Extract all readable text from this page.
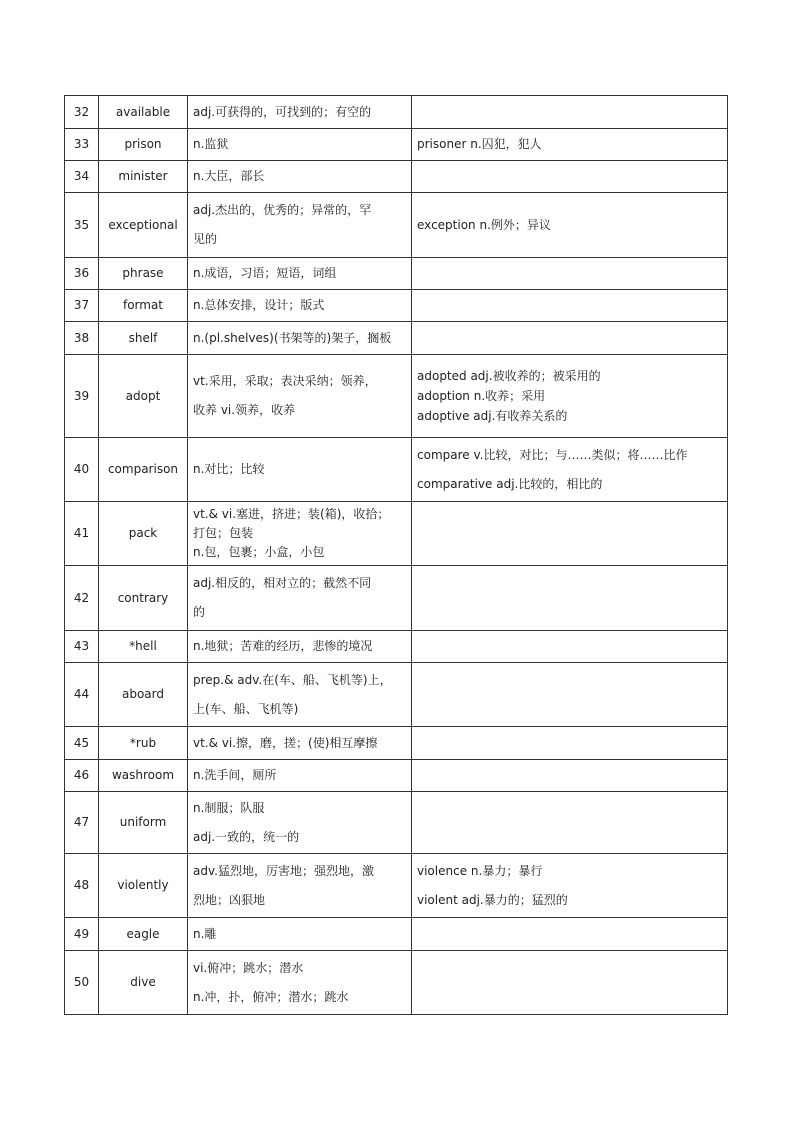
32	available	adj.可获得的，可找到的；有空的	

33	prison	n.监狱	prisoner n.囚犯，犯人

34	minister	n.大臣，部长	

35	exceptional	adj.杰出的，优秀的；异常的，罕
见的	exception n.例外；异议

36	phrase	n.成语，习语；短语，词组	

37	format	n.总体安排，设计；版式	

38	shelf	n.(pl.shelves)(书架等的)架子，搁板	

39	adopt	vt.采用，采取；表决采纳；领养，
收养 vi.领养，收养	adopted adj.被收养的；被采用的
adoption n.收养；采用
adoptive adj.有收养关系的

40	comparison	n.对比；比较	compare v.比较，对比；与……类似；将……比作
comparative adj.比较的，相比的

41	pack	vt.& vi.塞进，挤进；装(箱)，收拾；
打包；包装
n.包，包裹；小盒，小包	

42	contrary	adj.相反的，相对立的；截然不同
的	

43	*hell	n.地狱；苦难的经历，悲惨的境况	

44	aboard	prep.& adv.在(车、船、飞机等)上，
上(车、船、飞机等)	

45	*rub	vt.& vi.擦，磨，搓；(使)相互摩擦	

46	washroom	n.洗手间，厕所	

47	uniform	n.制服；队服
adj.一致的，统一的	

48	violently	adv.猛烈地，厉害地；强烈地，激
烈地；凶狠地	violence n.暴力；暴行
violent adj.暴力的；猛烈的

49	eagle	n.雕	

50	dive	vi.俯冲；跳水；潜水
n.冲，扑，俯冲；潜水；跳水	
